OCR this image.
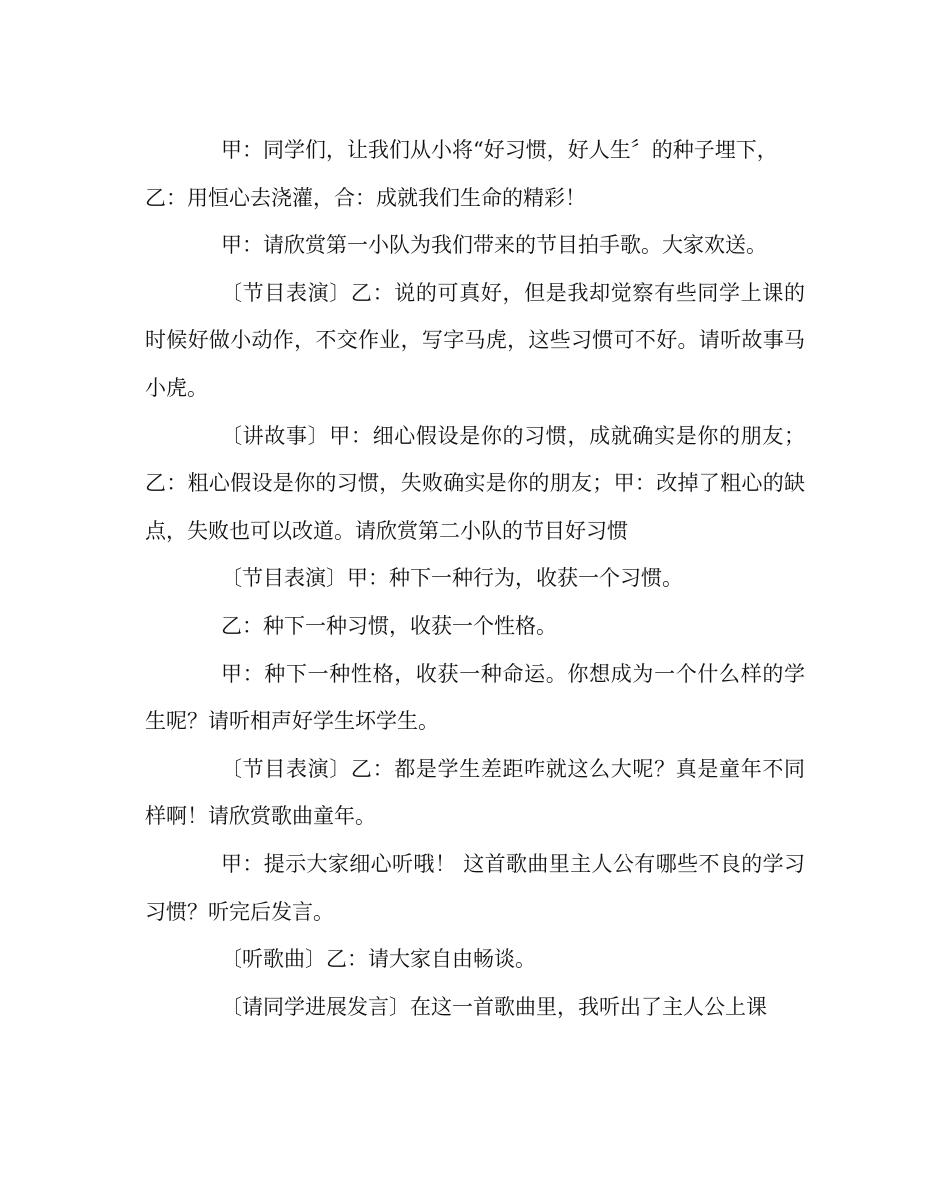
甲：同学们，让我们从小将“好习惯，好人生〞的种子埋下，

乙：用恒心去浇灌，合：成就我们生命的精彩！

甲：请欣赏第一小队为我们带来的节目拍手歌。大家欢送。

〔节目表演〕乙：说的可真好，但是我却觉察有些同学上课的时候好做小动作，不交作业，写字马虎，这些习惯可不好。请听故事马小虎。

〔讲故事〕甲：细心假设是你的习惯，成就确实是你的朋友；乙：粗心假设是你的习惯，失败确实是你的朋友；甲：改掉了粗心的缺点，失败也可以改道。请欣赏第二小队的节目好习惯

〔节目表演〕甲：种下一种行为，收获一个习惯。

乙：种下一种习惯，收获一个性格。

甲：种下一种性格，收获一种命运。你想成为一个什么样的学生呢？请听相声好学生坏学生。

〔节目表演〕乙：都是学生差距咋就这么大呢？真是童年不同样啊！请欣赏歌曲童年。

甲：提示大家细心听哦！ 这首歌曲里主人公有哪些不良的学习习惯？听完后发言。

〔听歌曲〕乙：请大家自由畅谈。

〔请同学进展发言〕在这一首歌曲里，我听出了主人公上课
